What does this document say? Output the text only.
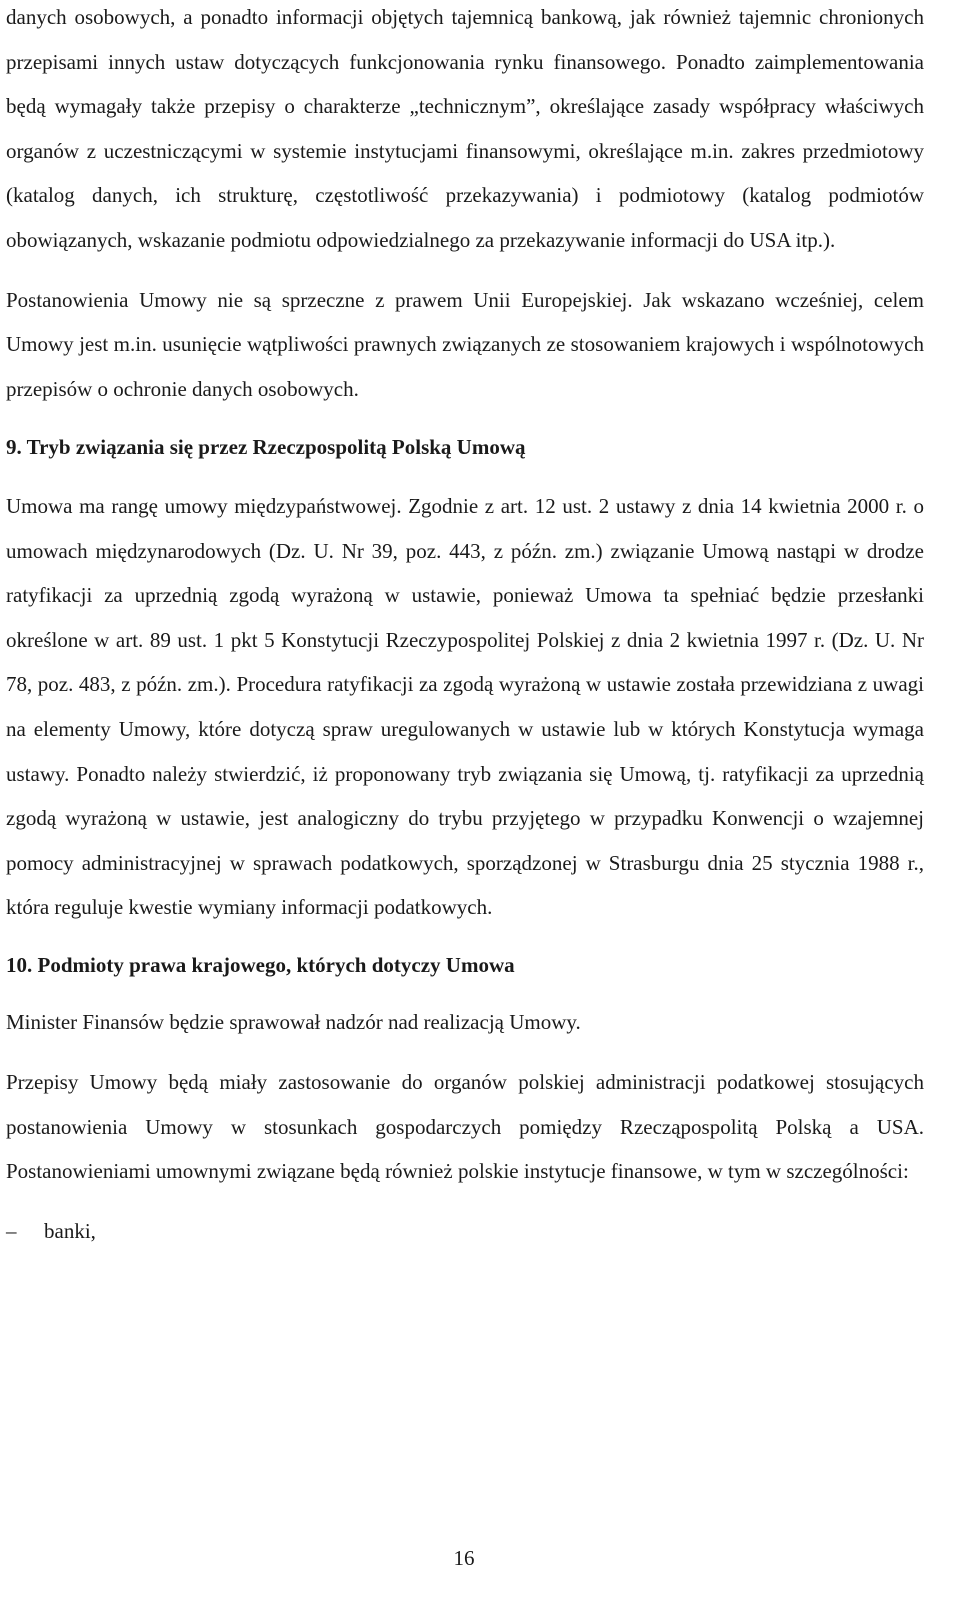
danych osobowych, a ponadto informacji objętych tajemnicą bankową, jak również tajemnic chronionych przepisami innych ustaw dotyczących funkcjonowania rynku finansowego. Ponadto zaimplementowania będą wymagały także przepisy o charakterze „technicznym”, określające zasady współpracy właściwych organów z uczestniczącymi w systemie instytucjami finansowymi, określające m.in. zakres przedmiotowy (katalog danych, ich strukturę, częstotliwość przekazywania) i podmiotowy (katalog podmiotów obowiązanych, wskazanie podmiotu odpowiedzialnego za przekazywanie informacji do USA itp.).

Postanowienia Umowy nie są sprzeczne z prawem Unii Europejskiej. Jak wskazano wcześniej, celem Umowy jest m.in. usunięcie wątpliwości prawnych związanych ze stosowaniem krajowych i wspólnotowych przepisów o ochronie danych osobowych.

9. Tryb związania się przez Rzeczpospolitą Polską Umową

Umowa ma rangę umowy międzypaństwowej. Zgodnie z art. 12 ust. 2 ustawy z dnia 14 kwietnia 2000 r. o umowach międzynarodowych (Dz. U. Nr 39, poz. 443, z późn. zm.) związanie Umową nastąpi w drodze ratyfikacji za uprzednią zgodą wyrażoną w ustawie, ponieważ Umowa ta spełniać będzie przesłanki określone w art. 89 ust. 1 pkt 5 Konstytucji Rzeczypospolitej Polskiej z dnia 2 kwietnia 1997 r. (Dz. U. Nr 78, poz. 483, z późn. zm.). Procedura ratyfikacji za zgodą wyrażoną w ustawie została przewidziana z uwagi na elementy Umowy, które dotyczą spraw uregulowanych w ustawie lub w których Konstytucja wymaga ustawy. Ponadto należy stwierdzić, iż proponowany tryb związania się Umową, tj. ratyfikacji za uprzednią zgodą wyrażoną w ustawie, jest analogiczny do trybu przyjętego w przypadku Konwencji o wzajemnej pomocy administracyjnej w sprawach podatkowych, sporządzonej w Strasburgu dnia 25 stycznia 1988 r., która reguluje kwestie wymiany informacji podatkowych.

10. Podmioty prawa krajowego, których dotyczy Umowa

Minister Finansów będzie sprawował nadzór nad realizacją Umowy.

Przepisy Umowy będą miały zastosowanie do organów polskiej administracji podatkowej stosujących postanowienia Umowy w stosunkach gospodarczych pomiędzy Rzecząpospolitą Polską a USA. Postanowieniami umownymi związane będą również polskie instytucje finansowe, w tym w szczególności:

–	banki,
16
